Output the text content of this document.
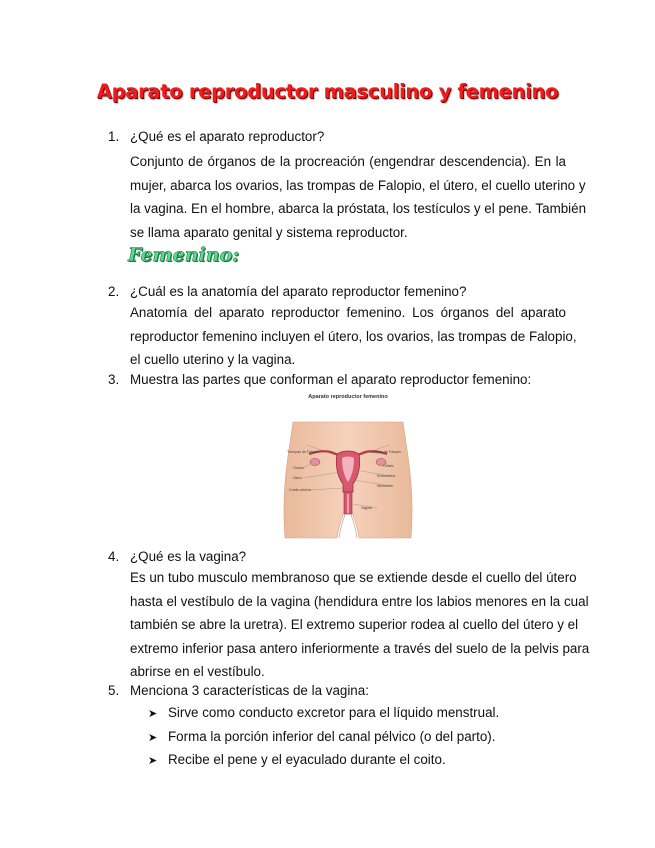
Aparato reproductor masculino y femenino
1. ¿Qué es el aparato reproductor?
Conjunto de órganos de la procreación (engendrar descendencia). En la
mujer, abarca los ovarios, las trompas de Falopio, el útero, el cuello uterino y
la vagina. En el hombre, abarca la próstata, los testículos y el pene. También
se llama aparato genital y sistema reproductor.
Femenino:
2. ¿Cuál es la anatomía del aparato reproductor femenino?
Anatomía del aparato reproductor femenino. Los órganos del aparato
reproductor femenino incluyen el útero, los ovarios, las trompas de Falopio,
el cuello uterino y la vagina.
3. Muestra las partes que conforman el aparato reproductor femenino:
Aparato reproductor femenino
Trompas de Falopio
Ovario
Útero
Cuello uterino
Trompas de Falopio
Ovario
Endometrio
Miometrio
Vagina
4. ¿Qué es la vagina?
Es un tubo musculo membranoso que se extiende desde el cuello del útero
hasta el vestíbulo de la vagina (hendidura entre los labios menores en la cual
también se abre la uretra). El extremo superior rodea al cuello del útero y el
extremo inferior pasa antero inferiormente a través del suelo de la pelvis para
abrirse en el vestíbulo.
5. Menciona 3 características de la vagina:
➤ Sirve como conducto excretor para el líquido menstrual.
➤ Forma la porción inferior del canal pélvico (o del parto).
➤ Recibe el pene y el eyaculado durante el coito.
